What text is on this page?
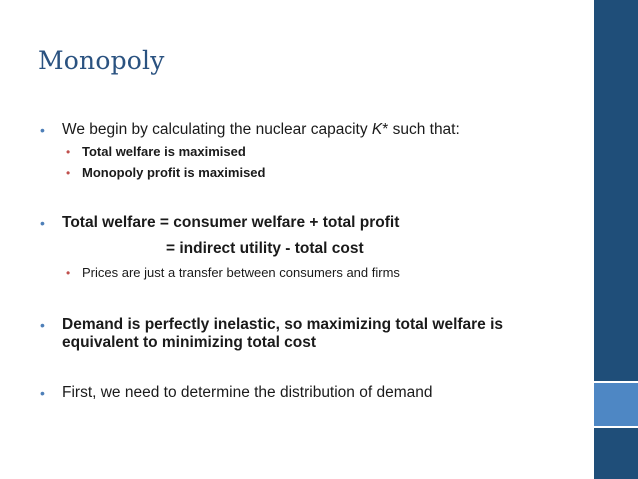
Monopoly
• We begin by calculating the nuclear capacity K* such that:
• Total welfare is maximised
• Monopoly profit is maximised
• Total welfare = consumer welfare + total profit
= indirect utility - total cost
• Prices are just a transfer between consumers and firms
• Demand is perfectly inelastic, so maximizing total welfare is
equivalent to minimizing total cost
• First, we need to determine the distribution of demand
